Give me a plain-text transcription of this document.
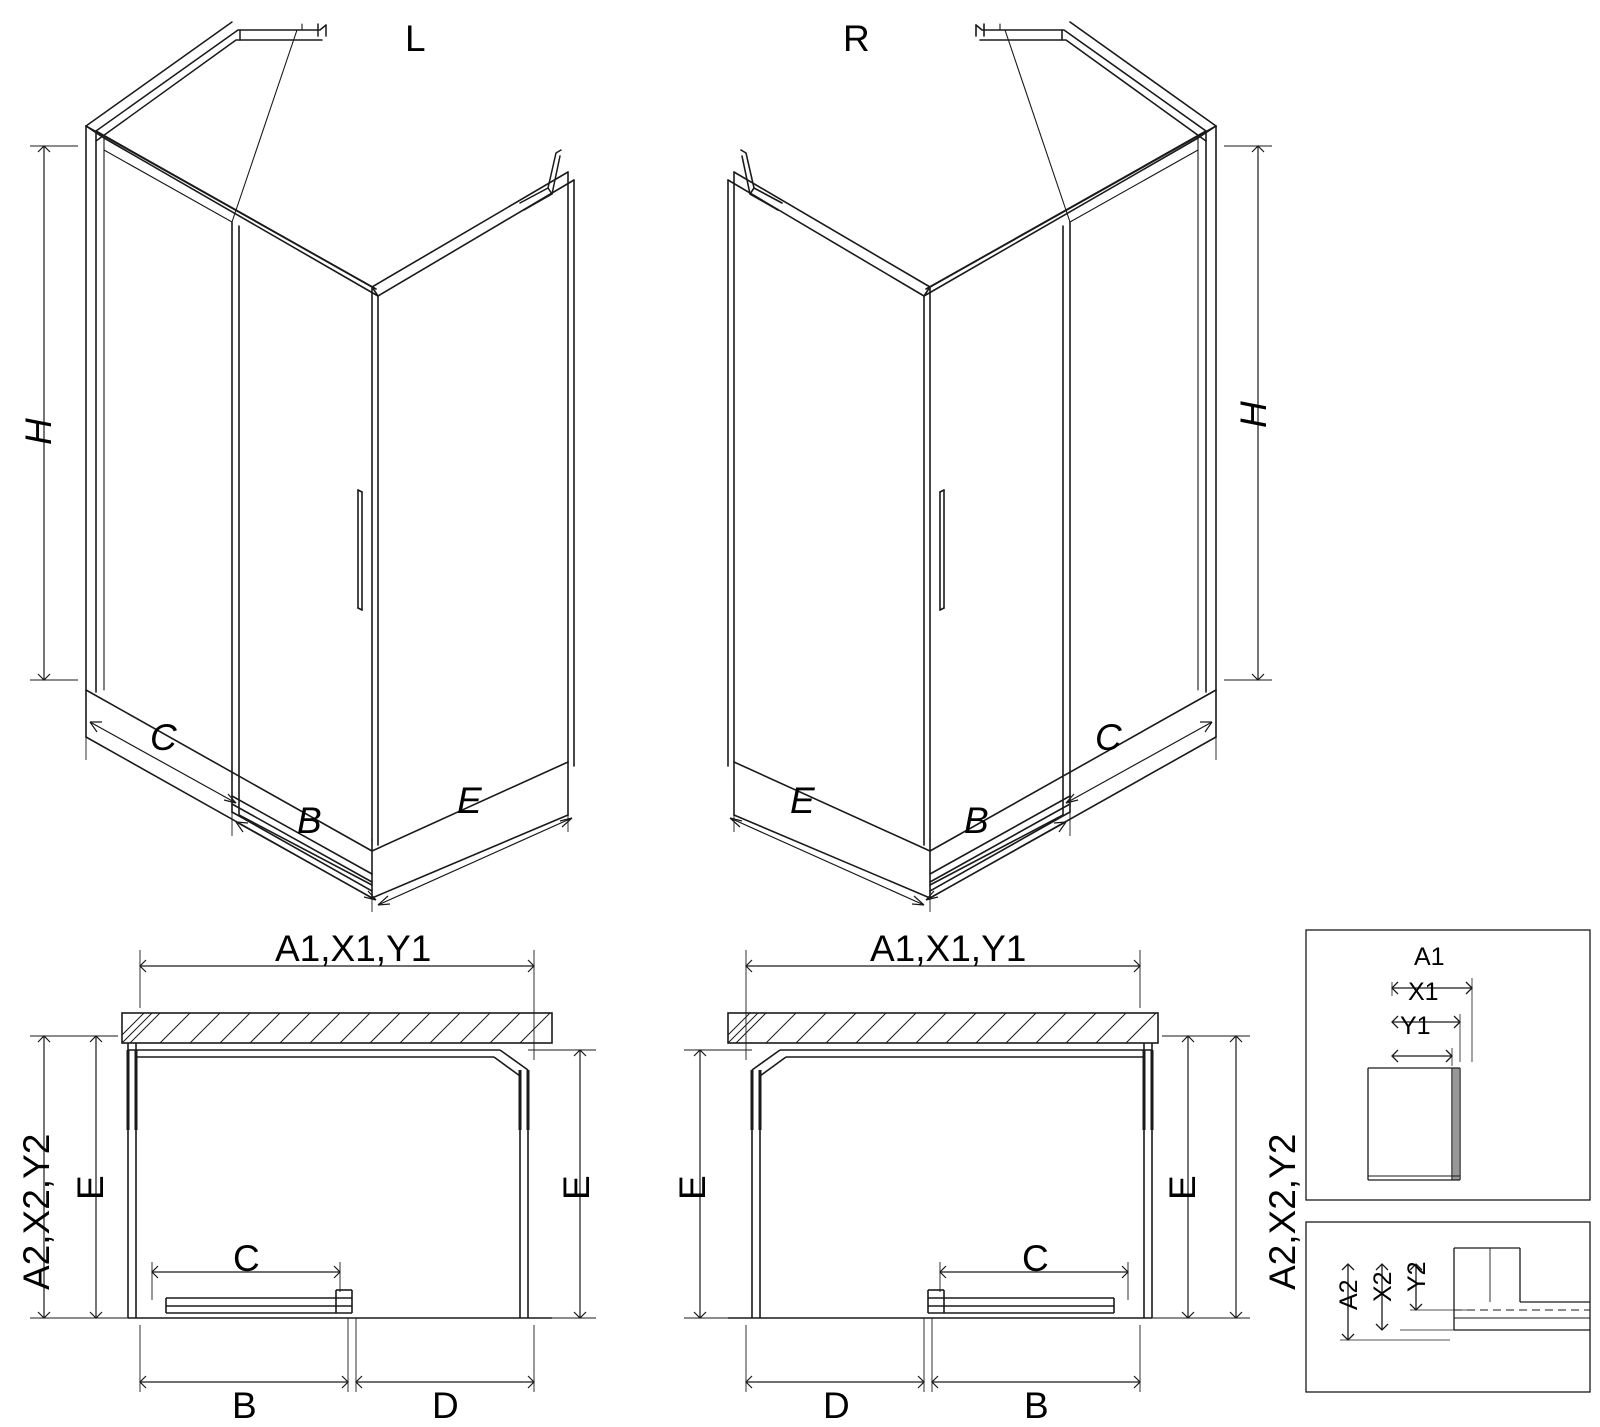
L	R
H
H
C
B	E
C
B
E
A1,X1,Y1	A1,X1,Y1
A2,X2,Y2	A2,X2,Y2
E	E E	E
C	C
B	D	D	B
A1
X1
Y1
A2 X2 Y2
